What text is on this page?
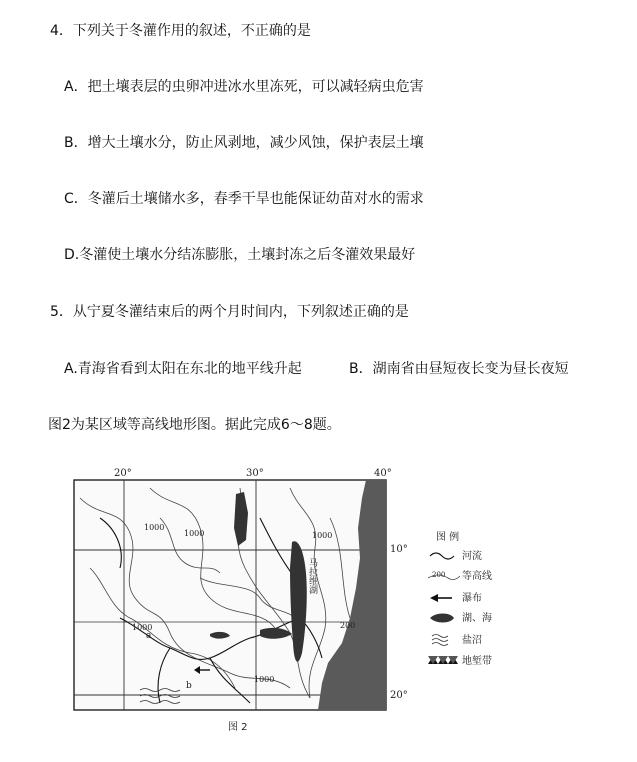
4．下列关于冬灌作用的叙述，不正确的是
A．把土壤表层的虫卵冲进冰水里冻死，可以减轻病虫危害
B．增大土壤水分，防止风剥地，减少风蚀，保护表层土壤
C．冬灌后土壤储水多，春季干旱也能保证幼苗对水的需求
D.冬灌使土壤水分结冻膨胀，土壤封冻之后冬灌效果最好
5．从宁夏冬灌结束后的两个月时间内，下列叙述正确的是
A.青海省看到太阳在东北的地平线升起	B．湖南省由昼短夜长变为昼长夜短
图2为某区域等高线地形图。据此完成6～8题。
20°	30°	40°
10°
20°
1000
1000	1000
1000
1000
200
a
b
马拉维湖
图 例
河流
200 等高线
瀑布
湖、海
盐沼
地堑带
图 2
